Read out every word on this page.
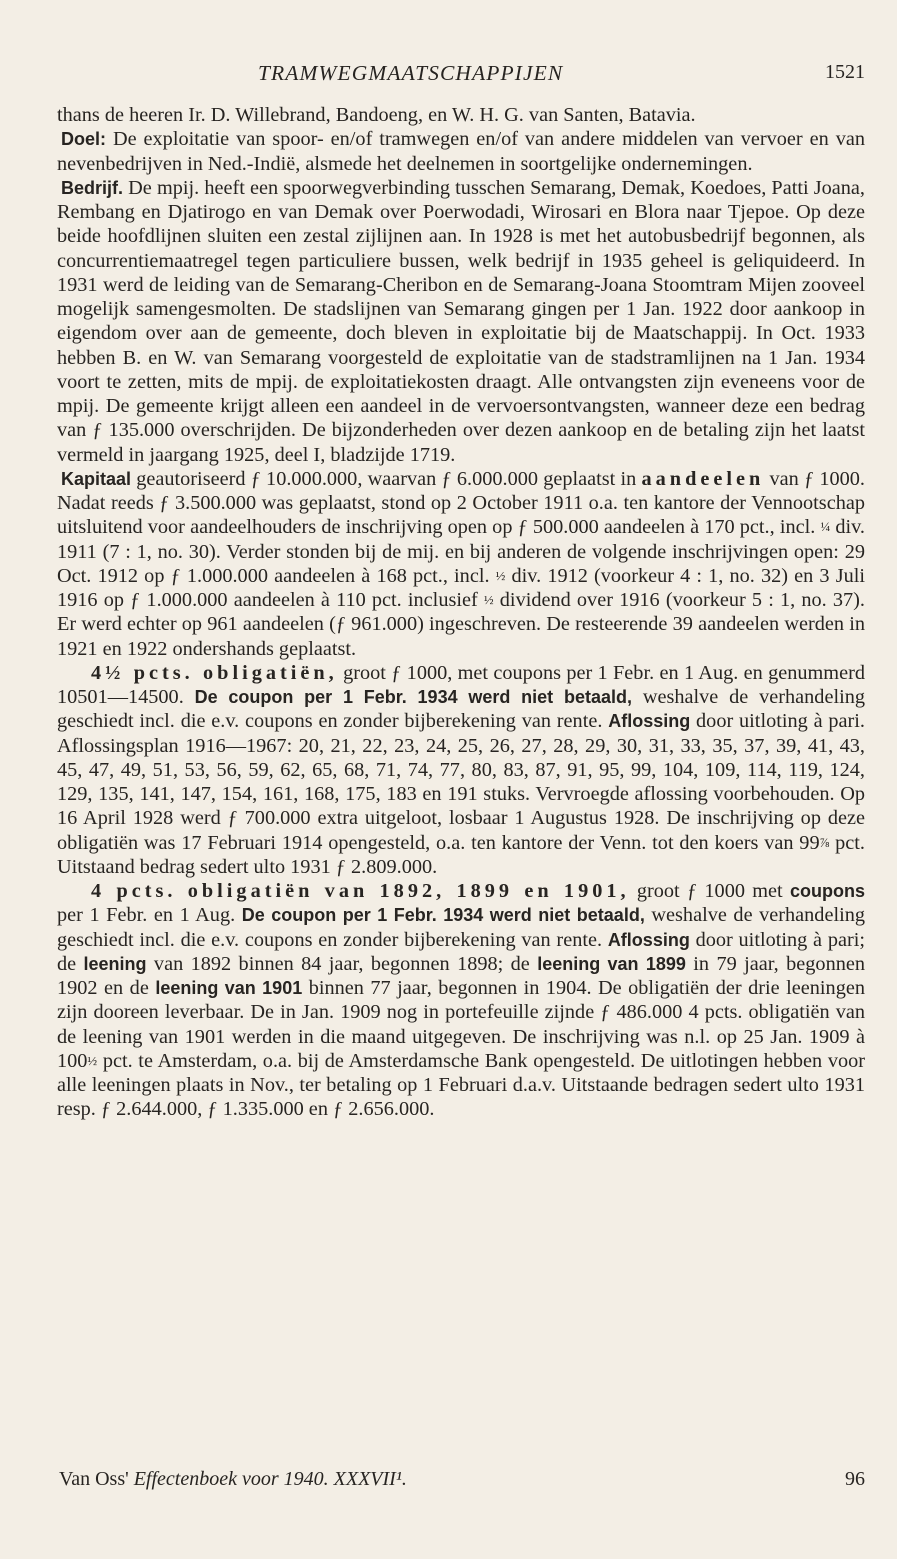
TRAMWEGMAATSCHAPPIJEN	1521

thans de heeren Ir. D. Willebrand, Bandoeng, en W. H. G. van Santen, Batavia.

Doel: De exploitatie van spoor- en/of tramwegen en/of van andere middelen van vervoer en van nevenbedrijven in Ned.-Indië, alsmede het deelnemen in soortgelijke ondernemingen.

Bedrijf. De mpij. heeft een spoorwegverbinding tusschen Semarang, Demak, Koedoes, Patti Joana, Rembang en Djatirogo en van Demak over Poerwodadi, Wirosari en Blora naar Tjepoe. Op deze beide hoofdlijnen sluiten een zestal zijlijnen aan. In 1928 is met het autobusbedrijf begonnen, als concurrentiemaatregel tegen particuliere bussen, welk bedrijf in 1935 geheel is geliquideerd. In 1931 werd de leiding van de Semarang-Cheribon en de Semarang-Joana Stoomtram Mijen zooveel mogelijk samengesmolten. De stadslijnen van Semarang gingen per 1 Jan. 1922 door aankoop in eigendom over aan de gemeente, doch bleven in exploitatie bij de Maatschappij. In Oct. 1933 hebben B. en W. van Semarang voorgesteld de exploitatie van de stadstramlijnen na 1 Jan. 1934 voort te zetten, mits de mpij. de exploitatiekosten draagt. Alle ontvangsten zijn eveneens voor de mpij. De gemeente krijgt alleen een aandeel in de vervoersontvangsten, wanneer deze een bedrag van ƒ 135.000 overschrijden. De bijzonderheden over dezen aankoop en de betaling zijn het laatst vermeld in jaargang 1925, deel I, bladzijde 1719.

Kapitaal geautoriseerd ƒ 10.000.000, waarvan ƒ 6.000.000 geplaatst in aandeelen van ƒ 1000. Nadat reeds ƒ 3.500.000 was geplaatst, stond op 2 October 1911 o.a. ten kantore der Vennootschap uitsluitend voor aandeelhouders de inschrijving open op ƒ 500.000 aandeelen à 170 pct., incl. ¼ div. 1911 (7 : 1, no. 30). Verder stonden bij de mij. en bij anderen de volgende inschrijvingen open: 29 Oct. 1912 op ƒ 1.000.000 aandeelen à 168 pct., incl. ½ div. 1912 (voorkeur 4 : 1, no. 32) en 3 Juli 1916 op ƒ 1.000.000 aandeelen à 110 pct. inclusief ½ dividend over 1916 (voorkeur 5 : 1, no. 37). Er werd echter op 961 aandeelen (ƒ 961.000) ingeschreven. De resteerende 39 aandeelen werden in 1921 en 1922 ondershands geplaatst.

4½ pcts. obligatiën, groot ƒ 1000, met coupons per 1 Febr. en 1 Aug. en genummerd 10501—14500. De coupon per 1 Febr. 1934 werd niet betaald, weshalve de verhandeling geschiedt incl. die e.v. coupons en zonder bijberekening van rente. Aflossing door uitloting à pari. Aflossingsplan 1916—1967: 20, 21, 22, 23, 24, 25, 26, 27, 28, 29, 30, 31, 33, 35, 37, 39, 41, 43, 45, 47, 49, 51, 53, 56, 59, 62, 65, 68, 71, 74, 77, 80, 83, 87, 91, 95, 99, 104, 109, 114, 119, 124, 129, 135, 141, 147, 154, 161, 168, 175, 183 en 191 stuks. Vervroegde aflossing voorbehouden. Op 16 April 1928 werd ƒ 700.000 extra uitgeloot, losbaar 1 Augustus 1928. De inschrijving op deze obligatiën was 17 Februari 1914 opengesteld, o.a. ten kantore der Venn. tot den koers van 99⅞ pct. Uitstaand bedrag sedert ulto 1931 ƒ 2.809.000.

4 pcts. obligatiën van 1892, 1899 en 1901, groot ƒ 1000 met coupons per 1 Febr. en 1 Aug. De coupon per 1 Febr. 1934 werd niet betaald, weshalve de verhandeling geschiedt incl. die e.v. coupons en zonder bijberekening van rente. Aflossing door uitloting à pari; de leening van 1892 binnen 84 jaar, begonnen 1898; de leening van 1899 in 79 jaar, begonnen 1902 en de leening van 1901 binnen 77 jaar, begonnen in 1904. De obligatiën der drie leeningen zijn dooreen leverbaar. De in Jan. 1909 nog in portefeuille zijnde ƒ 486.000 4 pcts. obligatiën van de leening van 1901 werden in die maand uitgegeven. De inschrijving was n.l. op 25 Jan. 1909 à 100½ pct. te Amsterdam, o.a. bij de Amsterdamsche Bank opengesteld. De uitlotingen hebben voor alle leeningen plaats in Nov., ter betaling op 1 Februari d.a.v. Uitstaande bedragen sedert ulto 1931 resp. ƒ 2.644.000, ƒ 1.335.000 en ƒ 2.656.000.

Van Oss' Effectenboek voor 1940. XXXVII¹.	96
